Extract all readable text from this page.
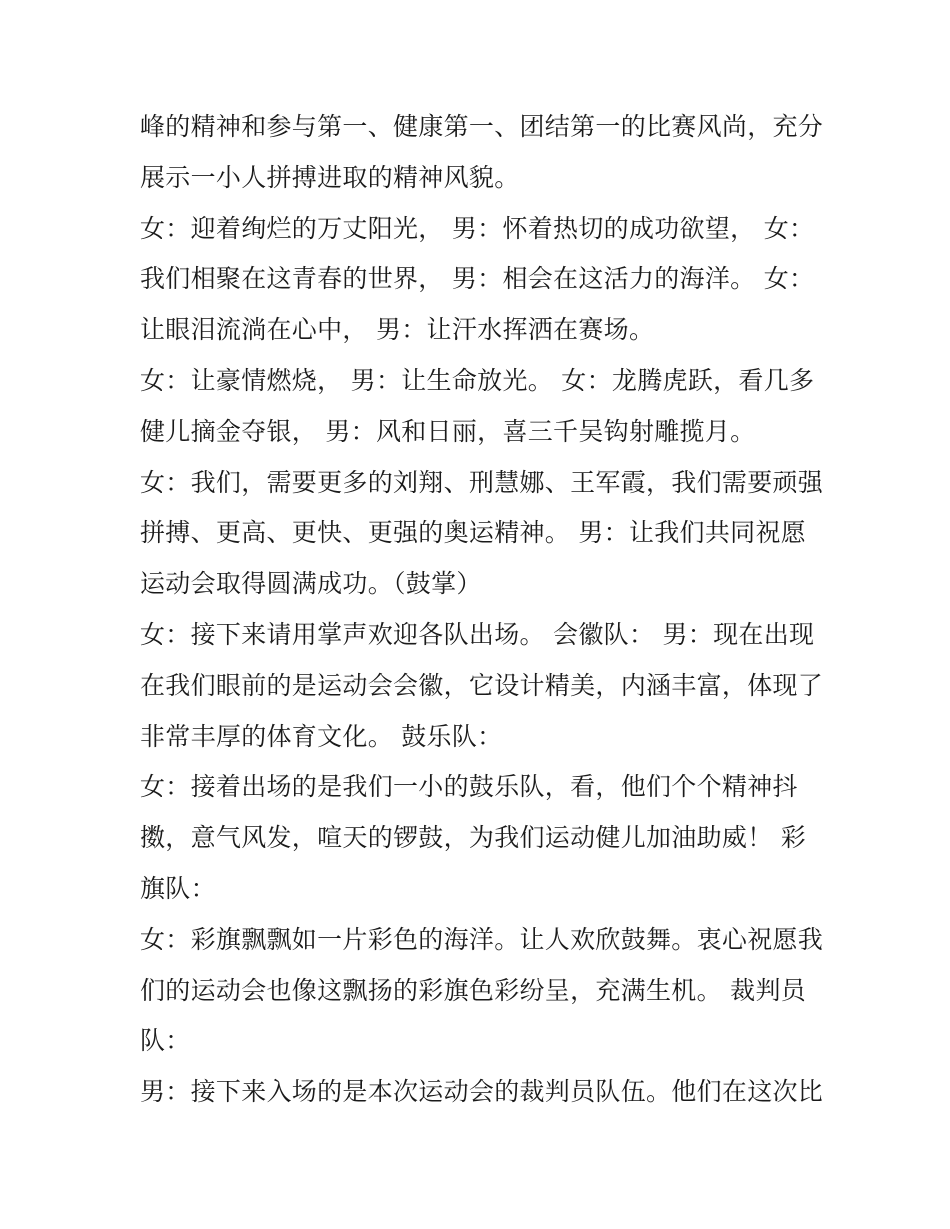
峰的精神和参与第一、健康第一、团结第一的比赛风尚，充分
展示一小人拼搏进取的精神风貌。
女：迎着绚烂的万丈阳光， 男：怀着热切的成功欲望， 女：
我们相聚在这青春的世界， 男：相会在这活力的海洋。 女：
让眼泪流淌在心中， 男：让汗水挥洒在赛场。
女：让豪情燃烧， 男：让生命放光。 女：龙腾虎跃，看几多
健儿摘金夺银， 男：风和日丽，喜三千吴钩射雕揽月。
女：我们，需要更多的刘翔、刑慧娜、王军霞，我们需要顽强
拼搏、更高、更快、更强的奥运精神。 男：让我们共同祝愿
运动会取得圆满成功。（鼓掌）
女：接下来请用掌声欢迎各队出场。 会徽队： 男：现在出现
在我们眼前的是运动会会徽，它设计精美，内涵丰富，体现了
非常丰厚的体育文化。 鼓乐队：
女：接着出场的是我们一小的鼓乐队，看，他们个个精神抖
擞，意气风发，喧天的锣鼓，为我们运动健儿加油助威！ 彩
旗队：
女：彩旗飘飘如一片彩色的海洋。让人欢欣鼓舞。衷心祝愿我
们的运动会也像这飘扬的彩旗色彩纷呈，充满生机。 裁判员
队：
男：接下来入场的是本次运动会的裁判员队伍。他们在这次比
